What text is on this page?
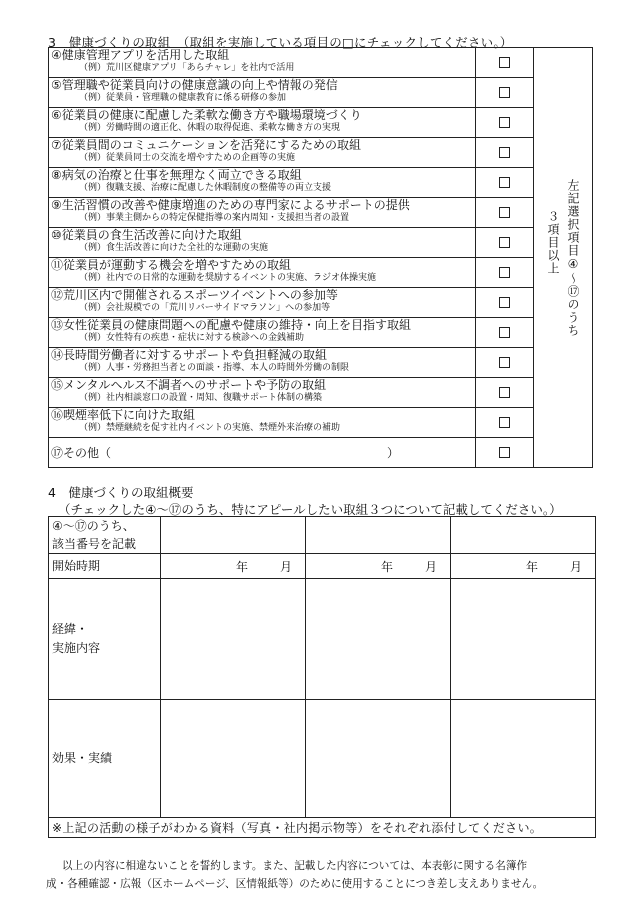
3　健康づくりの取組　（取組を実施している項目の□にチェックしてください。）
④健康管理アプリを活用した取組
（例）荒川区健康アプリ「あらチャレ」を社内で活用		３項目以上 左記選択項目④～⑰のうち

⑤管理職や従業員向けの健康意識の向上や情報の発信
（例）従業員・管理職の健康教育に係る研修の参加		

⑥従業員の健康に配慮した柔軟な働き方や職場環境づくり
（例）労働時間の適正化、休暇の取得促進、柔軟な働き方の実現		

⑦従業員間のコミュニケーションを活発にするための取組
（例）従業員同士の交流を増やすための企画等の実施		

⑧病気の治療と仕事を無理なく両立できる取組
（例）復職支援、治療に配慮した休暇制度の整備等の両立支援		

⑨生活習慣の改善や健康増進のための専門家によるサポートの提供
（例）事業主側からの特定保健指導の案内周知・支援担当者の設置		

⑩従業員の食生活改善に向けた取組
（例）食生活改善に向けた全社的な運動の実施		

⑪従業員が運動する機会を増やすための取組
（例）社内での日常的な運動を奨励するイベントの実施、ラジオ体操実施		

⑫荒川区内で開催されるスポーツイベントへの参加等
（例）会社規模での「荒川リバーサイドマラソン」への参加等		

⑬女性従業員の健康問題への配慮や健康の維持・向上を目指す取組
（例）女性特有の疾患・症状に対する検診への金銭補助		

⑭長時間労働者に対するサポートや負担軽減の取組
（例）人事・労務担当者との面談・指導、本人の時間外労働の制限		

⑮メンタルヘルス不調者へのサポートや予防の取組
（例）社内相談窓口の設置・周知、復職サポート体制の構築		

⑯喫煙率低下に向けた取組
（例）禁煙継続を促す社内イベントの実施、禁煙外来治療の補助		

⑰その他（　　　　　　　　　　　　　　　　　　　　　　　）		

4　健康づくりの取組概要
（チェックした④～⑰のうち、特にアピールしたい取組３つについて記載してください。）
④～⑰のうち、
該当番号を記載			
開始時期	年 月	年 月	年 月
経緯・
実施内容			
効果・実績			
※上記の活動の様子がわかる資料（写真・社内掲示物等）をそれぞれ添付してください。			
以上の内容に相違ないことを誓約します。また、記載した内容については、本表彰に関する名簿作
成・各種確認・広報（区ホームページ、区情報紙等）のために使用することにつき差し支えありません。
